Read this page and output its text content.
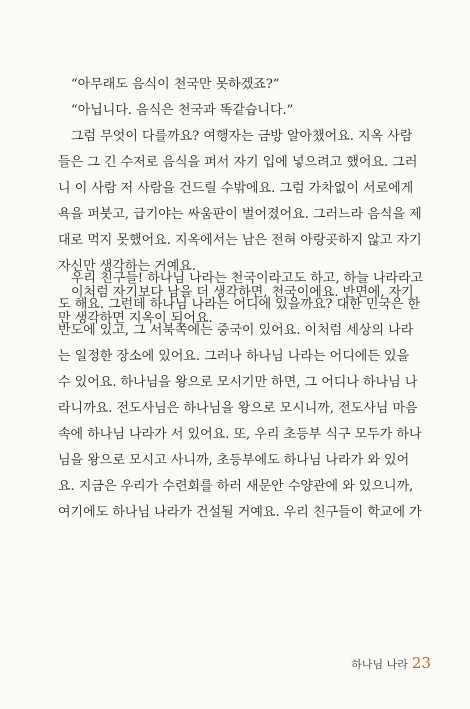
“아무래도 음식이 천국만 못하겠죠?”

“아닙니다. 음식은 천국과 똑같습니다.”

그럼 무엇이 다를까요? 여행자는 금방 알아챘어요. 지옥 사람
들은 그 긴 수저로 음식을 퍼서 자기 입에 넣으려고 했어요. 그러
니 이 사람 저 사람을 건드릴 수밖에요. 그럼 가차없이 서로에게
욕을 퍼붓고, 급기야는 싸움판이 벌어졌어요. 그러느라 음식을 제
대로 먹지 못했어요. 지옥에서는 남은 전혀 아랑곳하지 않고 자기
자신만 생각하는 거예요.

이처럼 자기보다 남을 더 생각하면, 천국이에요. 반면에, 자기
만 생각하면 지옥이 되어요.

우리 친구들! 하나님 나라는 천국이라고도 하고, 하늘 나라라고
도 해요. 그런데 하나님 나라는 어디에 있을까요? 대한 민국은 한
반도에 있고, 그 서북쪽에는 중국이 있어요. 이처럼 세상의 나라
는 일정한 장소에 있어요. 그러나 하나님 나라는 어디에든 있을
수 있어요. 하나님을 왕으로 모시기만 하면, 그 어디나 하나님 나
라니까요. 전도사님은 하나님을 왕으로 모시니까, 전도사님 마음
속에 하나님 나라가 서 있어요. 또, 우리 초등부 식구 모두가 하나
님을 왕으로 모시고 사니까, 초등부에도 하나님 나라가 와 있어
요. 지금은 우리가 수련회를 하러 새문안 수양관에 와 있으니까,
여기에도 하나님 나라가 건설될 거예요. 우리 친구들이 학교에 가

하나님 나라 23
